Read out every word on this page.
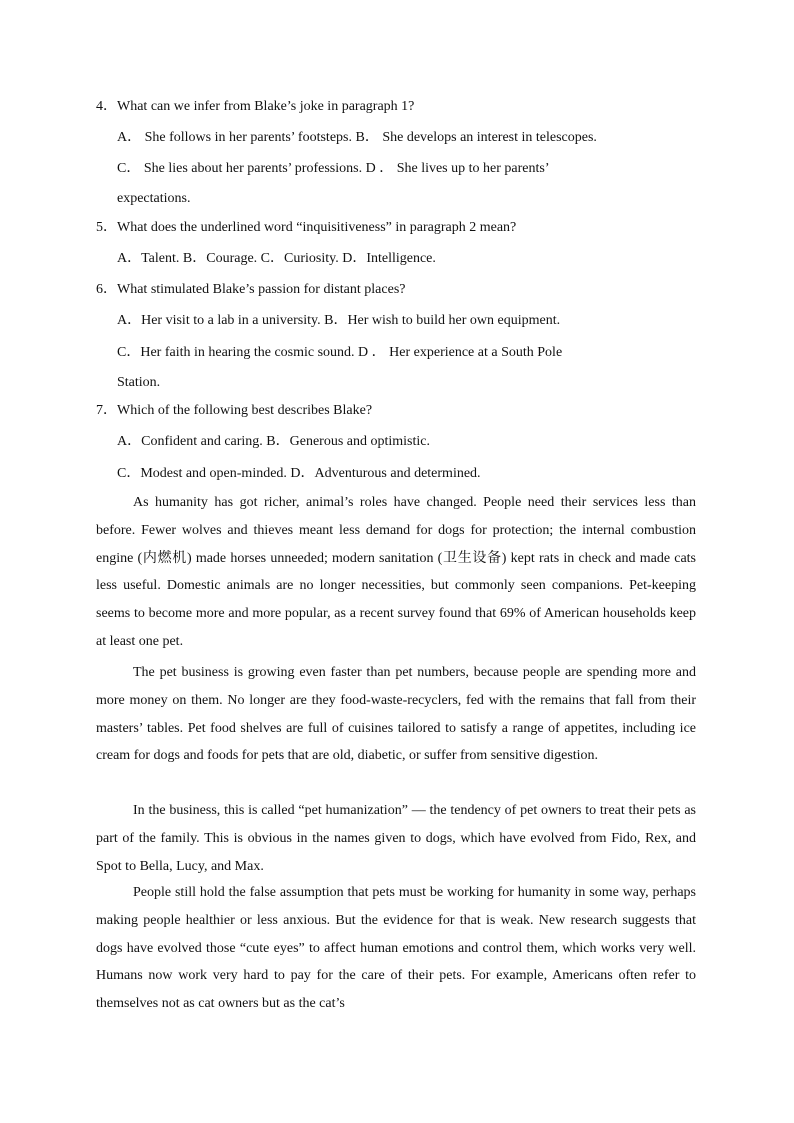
4．What can we infer from Blake’s joke in paragraph 1?
A． She follows in her parents’ footsteps. B． She develops an interest in telescopes.
C． She lies about her parents’ professions. D ． She lives up to her parents’
expectations.
5．What does the underlined word “inquisitiveness” in paragraph 2 mean?
A．Talent. B．Courage. C．Curiosity. D．Intelligence.
6．What stimulated Blake’s passion for distant places?
A．Her visit to a lab in a university. B．Her wish to build her own equipment.
C．Her faith in hearing the cosmic sound. D ． Her experience at a South Pole
Station.
7．Which of the following best describes Blake?
A．Confident and caring. B．Generous and optimistic.
C．Modest and open-minded. D．Adventurous and determined.

As humanity has got richer, animal’s roles have changed. People need their services less than before. Fewer wolves and thieves meant less demand for dogs for protection; the internal combustion engine (内燃机) made horses unneeded; modern sanitation (卫生设备) kept rats in check and made cats less useful. Domestic animals are no longer necessities, but commonly seen companions. Pet-keeping seems to become more and more popular, as a recent survey found that 69% of American households keep at least one pet.

The pet business is growing even faster than pet numbers, because people are spending more and more money on them. No longer are they food-waste-recyclers, fed with the remains that fall from their masters’ tables. Pet food shelves are full of cuisines tailored to satisfy a range of appetites, including ice cream for dogs and foods for pets that are old, diabetic, or suffer from sensitive digestion.

In the business, this is called “pet humanization” — the tendency of pet owners to treat their pets as part of the family. This is obvious in the names given to dogs, which have evolved from Fido, Rex, and Spot to Bella, Lucy, and Max.

People still hold the false assumption that pets must be working for humanity in some way, perhaps making people healthier or less anxious. But the evidence for that is weak. New research suggests that dogs have evolved those “cute eyes” to affect human emotions and control them, which works very well. Humans now work very hard to pay for the care of their pets. For example, Americans often refer to themselves not as cat owners but as the cat’s
